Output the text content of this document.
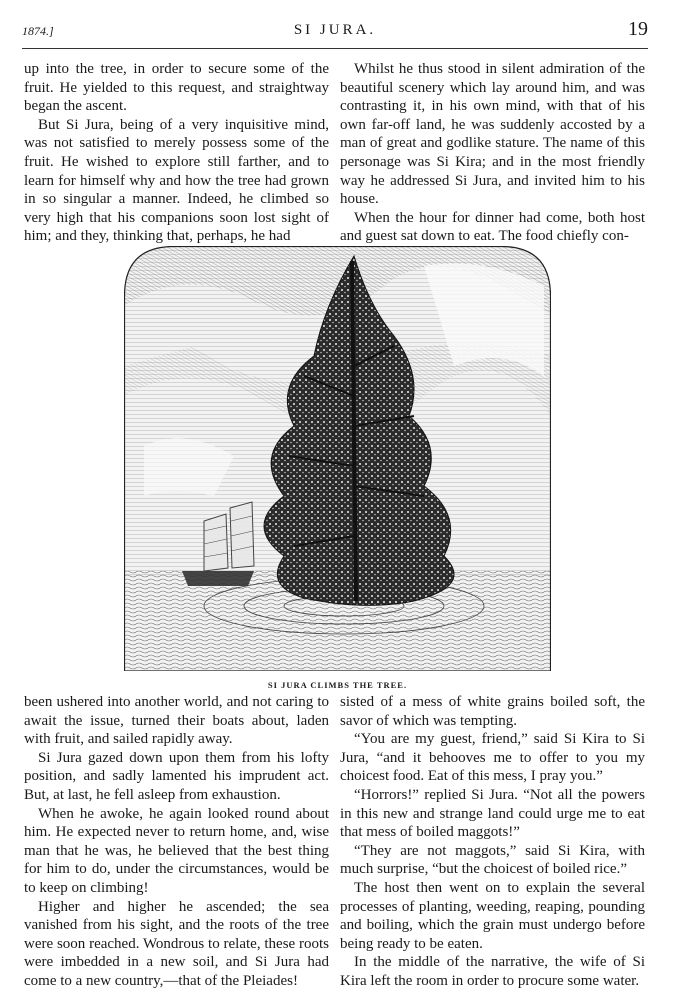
1874.]	SI JURA.	19

up into the tree, in order to secure some of the fruit. He yielded to this request, and straightway began the ascent.

But Si Jura, being of a very inquisitive mind, was not satisfied to merely possess some of the fruit. He wished to explore still farther, and to learn for himself why and how the tree had grown in so singular a manner. Indeed, he climbed so very high that his companions soon lost sight of him; and they, thinking that, perhaps, he had

Whilst he thus stood in silent admiration of the beautiful scenery which lay around him, and was contrasting it, in his own mind, with that of his own far-off land, he was suddenly accosted by a man of great and godlike stature. The name of this personage was Si Kira; and in the most friendly way he addressed Si Jura, and invited him to his house.

When the hour for dinner had come, both host and guest sat down to eat. The food chiefly con-

SI JURA CLIMBS THE TREE.

been ushered into another world, and not caring to await the issue, turned their boats about, laden with fruit, and sailed rapidly away.

Si Jura gazed down upon them from his lofty position, and sadly lamented his imprudent act. But, at last, he fell asleep from exhaustion.

When he awoke, he again looked round about him. He expected never to return home, and, wise man that he was, he believed that the best thing for him to do, under the circumstances, would be to keep on climbing!

Higher and higher he ascended; the sea vanished from his sight, and the roots of the tree were soon reached. Wondrous to relate, these roots were imbedded in a new soil, and Si Jura had come to a new country,—that of the Pleiades!

sisted of a mess of white grains boiled soft, the savor of which was tempting.

“You are my guest, friend,” said Si Kira to Si Jura, “and it behooves me to offer to you my choicest food. Eat of this mess, I pray you.”

“Horrors!” replied Si Jura. “Not all the powers in this new and strange land could urge me to eat that mess of boiled maggots!”

“They are not maggots,” said Si Kira, with much surprise, “but the choicest of boiled rice.”

The host then went on to explain the several processes of planting, weeding, reaping, pounding and boiling, which the grain must undergo before being ready to be eaten.

In the middle of the narrative, the wife of Si Kira left the room in order to procure some water.
